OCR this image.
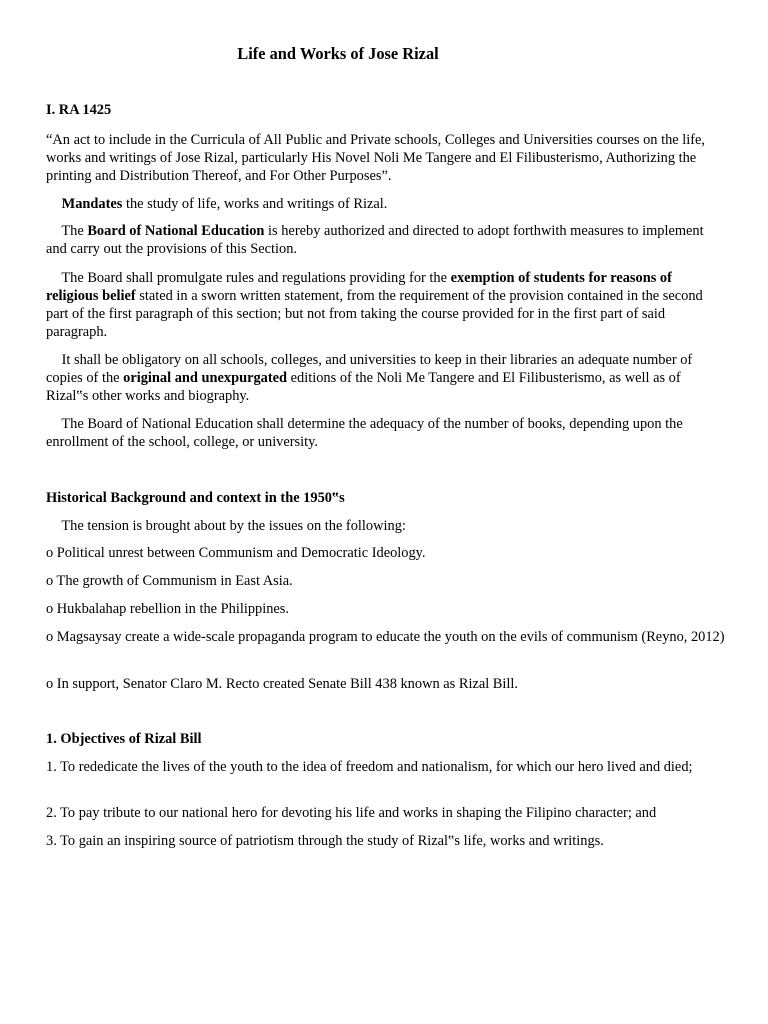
Life and Works of Jose Rizal

I. RA 1425

“An act to include in the Curricula of All Public and Private schools, Colleges and Universities courses on the life, works and writings of Jose Rizal, particularly His Novel Noli Me Tangere and El Filibusterismo, Authorizing the printing and Distribution Thereof, and For Other Purposes”.

Mandates the study of life, works and writings of Rizal.

The Board of National Education is hereby authorized and directed to adopt forthwith measures to implement and carry out the provisions of this Section.

The Board shall promulgate rules and regulations providing for the exemption of students for reasons of religious belief stated in a sworn written statement, from the requirement of the provision contained in the second part of the first paragraph of this section; but not from taking the course provided for in the first part of said paragraph.

It shall be obligatory on all schools, colleges, and universities to keep in their libraries an adequate number of copies of the original and unexpurgated editions of the Noli Me Tangere and El Filibusterismo, as well as of Rizal‟s other works and biography.

The Board of National Education shall determine the adequacy of the number of books, depending upon the enrollment of the school, college, or university.

Historical Background and context in the 1950‟s

The tension is brought about by the issues on the following:

o Political unrest between Communism and Democratic Ideology.

o The growth of Communism in East Asia.

o Hukbalahap rebellion in the Philippines.

o Magsaysay create a wide-scale propaganda program to educate the youth on the evils of communism (Reyno, 2012)

o In support, Senator Claro M. Recto created Senate Bill 438 known as Rizal Bill.

1. Objectives of Rizal Bill

1. To rededicate the lives of the youth to the idea of freedom and nationalism, for which our hero lived and died;

2. To pay tribute to our national hero for devoting his life and works in shaping the Filipino character; and

3. To gain an inspiring source of patriotism through the study of Rizal‟s life, works and writings.
